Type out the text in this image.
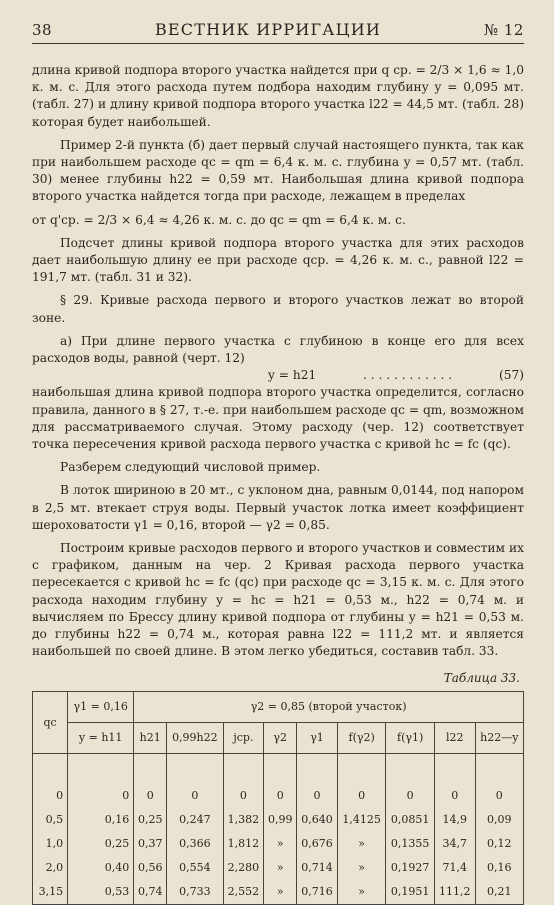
38	ВЕСТНИК ИРРИГАЦИИ	№ 12

длина кривой подпора второго участка найдется при q ср. = 2/3 × 1,6 ≈ 1,0

к. м. с. Для этого расхода путем подбора находим глубину y = 0,095 мт. (табл. 27) и длину кривой подпора второго участка l22 = 44,5 мт. (табл. 28) которая будет наибольшей.

Пример 2-й пункта (б) дает первый случай настоящего пункта, так как при наибольшем расходе qc = qm = 6,4 к. м. с. глубина y = 0,57 мт. (табл. 30) менее глубины h22 = 0,59 мт. Наибольшая длина кривой подпора второго участка найдется тогда при расходе, лежащем в пределах

от q'ср. = 2/3 × 6,4 ≈ 4,26 к. м. с. до qc = qm = 6,4 к. м. с.

Подсчет длины кривой подпора второго участка для этих расходов дает наибольшую длину ее при расходе qср. = 4,26 к. м. с., равной l22 = 191,7 мт. (табл. 31 и 32).

§ 29. Кривые расхода первого и второго участков лежат во второй зоне.

а) При длине первого участка с глубиною в конце его для всех расходов воды, равной (черт. 12)

y = h21	. . . . . . . . . . . .	(57)

наибольшая длина кривой подпора второго участка определится, согласно правила, данного в § 27, т.-е. при наибольшем расходе qc = qm, возможном для рассматриваемого случая. Этому расходу (чер. 12) соответствует точка пересечения кривой расхода первого участка с кривой hc = fc (qc).

Разберем следующий числовой пример.

В лоток шириною в 20 мт., с уклоном дна, равным 0,0144, под напором в 2,5 мт. втекает струя воды. Первый участок лотка имеет коэффициент шероховатости γ1 = 0,16, второй — γ2 = 0,85.

Построим кривые расходов первого и второго участков и совместим их с графиком, данным на чер. 2 Кривая расхода первого участка пересекается с кривой hc = fc (qc) при расходе qc = 3,15 к. м. с. Для этого расхода находим глубину y = hc = h21 = 0,53 м., h22 = 0,74 м. и вычисляем по Брессу длину кривой подпора от глубины y = h21 = 0,53 м. до глубины h22 = 0,74 м., которая равна l22 = 111,2 мт. и является наибольшей по своей длине. В этом легко убедиться, составив табл. 33.

Таблица 33.
qc	γ1 = 0,16	γ2 = 0,85 (второй участок)								
	y = h11	h21	0,99h22	jср.	γ2	γ1	f(γ2)	f(γ1)	l22	h22—y
0	0	0	0	0	0	0	0	0	0	0
0,5	0,16	0,25	0,247	1,382	0,99	0,640	1,4125	0,0851	14,9	0,09
1,0	0,25	0,37	0,366	1,812	»	0,676	»	0,1355	34,7	0,12
2,0	0,40	0,56	0,554	2,280	»	0,714	»	0,1927	71,4	0,16
3,15	0,53	0,74	0,733	2,552	»	0,716	»	0,1951	111,2	0,21
